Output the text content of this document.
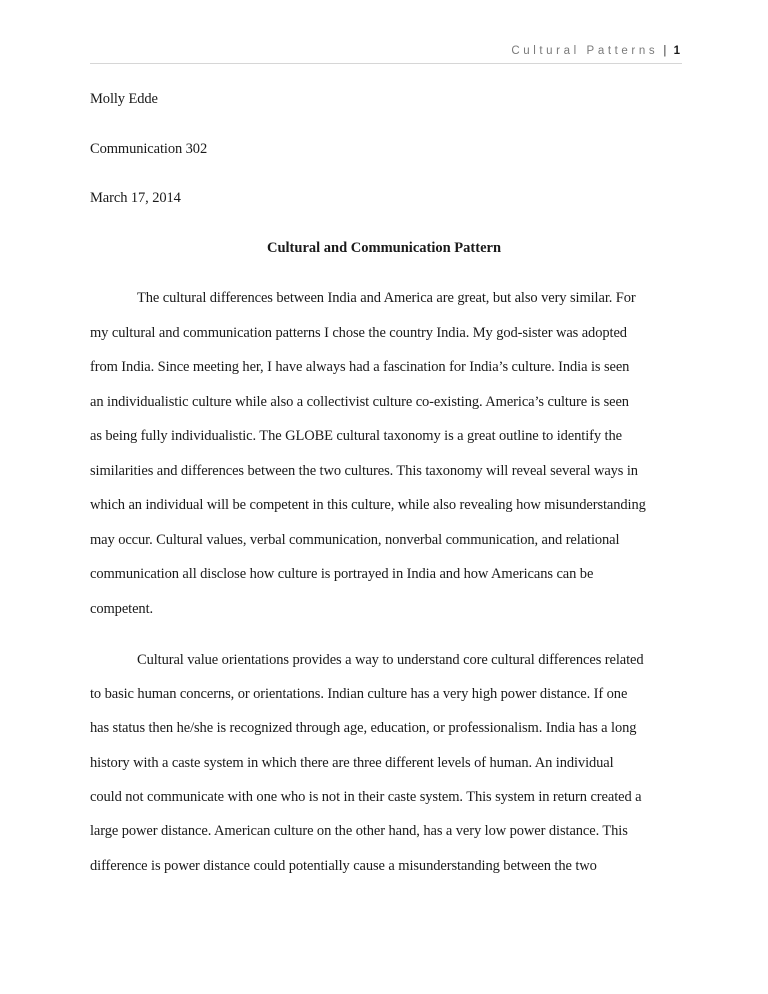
Cultural Patterns | 1
Molly Edde
Communication 302
March 17, 2014
Cultural and Communication Pattern
The cultural differences between India and America are great, but also very similar. For
my cultural and communication patterns I chose the country India. My god-sister was adopted
from India. Since meeting her, I have always had a fascination for India’s culture. India is seen
an individualistic culture while also a collectivist culture co-existing. America’s culture is seen
as being fully individualistic. The GLOBE cultural taxonomy is a great outline to identify the
similarities and differences between the two cultures. This taxonomy will reveal several ways in
which an individual will be competent in this culture, while also revealing how misunderstanding
may occur. Cultural values, verbal communication, nonverbal communication, and relational
communication all disclose how culture is portrayed in India and how Americans can be
competent.
Cultural value orientations provides a way to understand core cultural differences related
to basic human concerns, or orientations. Indian culture has a very high power distance. If one
has status then he/she is recognized through age, education, or professionalism. India has a long
history with a caste system in which there are three different levels of human. An individual
could not communicate with one who is not in their caste system. This system in return created a
large power distance. American culture on the other hand, has a very low power distance. This
difference is power distance could potentially cause a misunderstanding between the two
